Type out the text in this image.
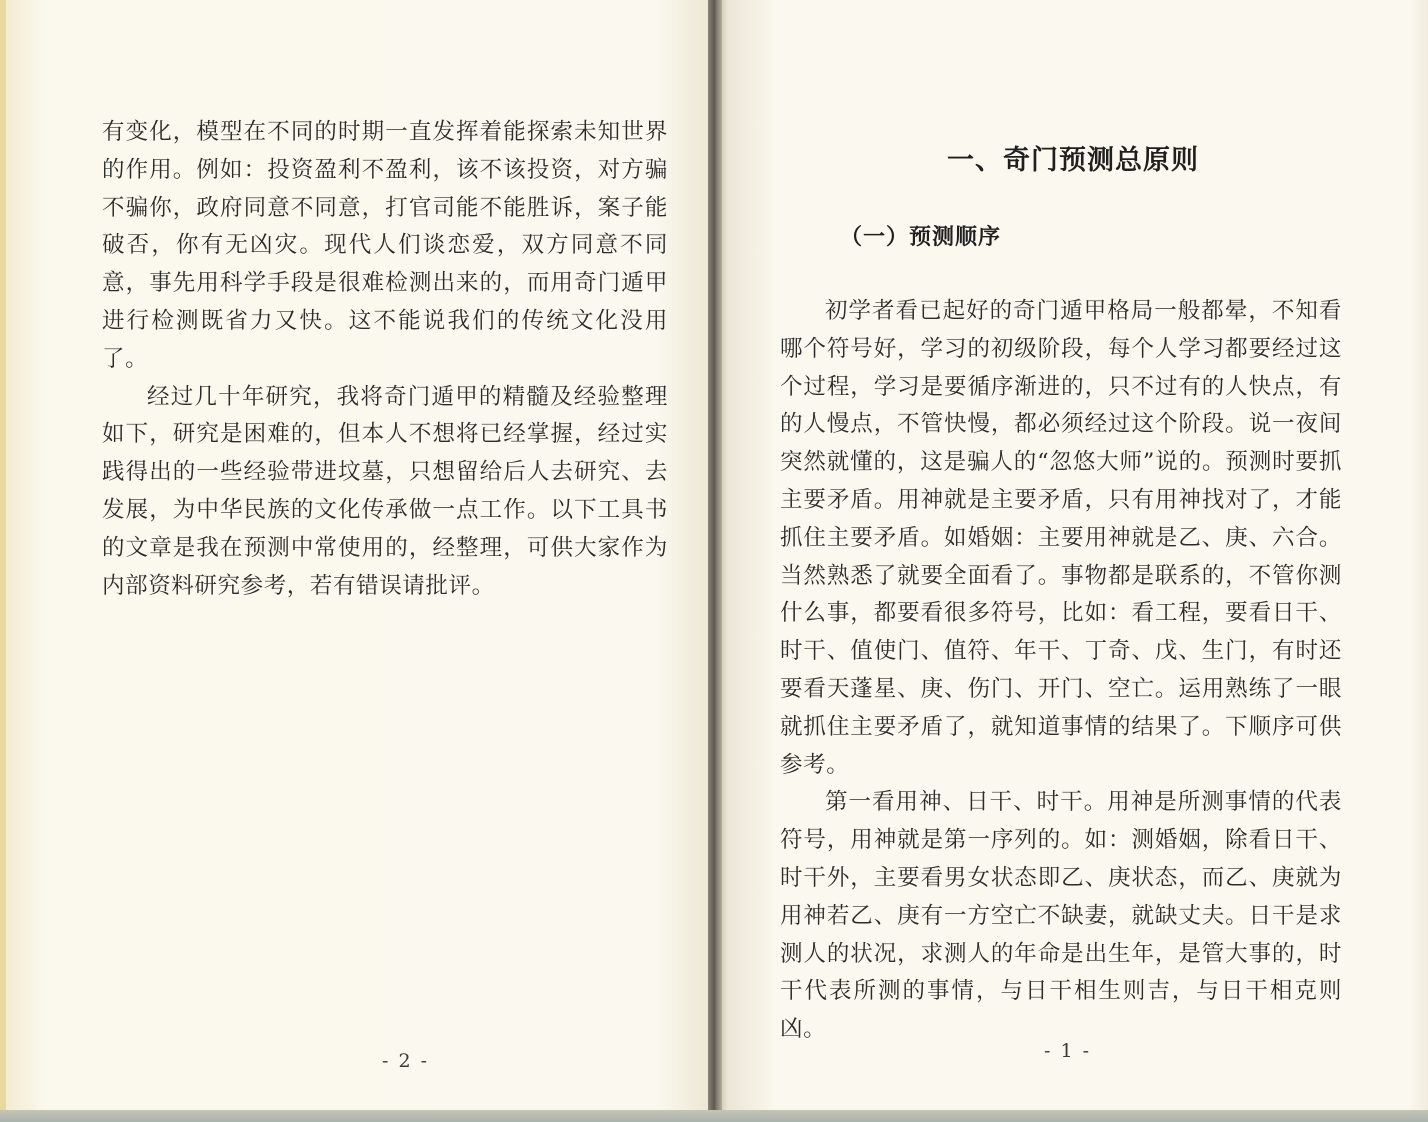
有变化，模型在不同的时期一直发挥着能探索未知世界的作用。例如：投资盈利不盈利，该不该投资，对方骗不骗你，政府同意不同意，打官司能不能胜诉，案子能破否，你有无凶灾。现代人们谈恋爱，双方同意不同意，事先用科学手段是很难检测出来的，而用奇门遁甲进行检测既省力又快。这不能说我们的传统文化没用了。

经过几十年研究，我将奇门遁甲的精髓及经验整理如下，研究是困难的，但本人不想将已经掌握，经过实践得出的一些经验带进坟墓，只想留给后人去研究、去发展，为中华民族的文化传承做一点工作。以下工具书的文章是我在预测中常使用的，经整理，可供大家作为内部资料研究参考，若有错误请批评。

- 2 -
一、奇门预测总原则
（一）预测顺序

初学者看已起好的奇门遁甲格局一般都晕，不知看哪个符号好，学习的初级阶段，每个人学习都要经过这个过程，学习是要循序渐进的，只不过有的人快点，有的人慢点，不管快慢，都必须经过这个阶段。说一夜间突然就懂的，这是骗人的“忽悠大师”说的。预测时要抓主要矛盾。用神就是主要矛盾，只有用神找对了，才能抓住主要矛盾。如婚姻：主要用神就是乙、庚、六合。当然熟悉了就要全面看了。事物都是联系的，不管你测什么事，都要看很多符号，比如：看工程，要看日干、时干、值使门、值符、年干、丁奇、戊、生门，有时还要看天蓬星、庚、伤门、开门、空亡。运用熟练了一眼就抓住主要矛盾了，就知道事情的结果了。下顺序可供参考。

第一看用神、日干、时干。用神是所测事情的代表符号，用神就是第一序列的。如：测婚姻，除看日干、时干外，主要看男女状态即乙、庚状态，而乙、庚就为用神若乙、庚有一方空亡不缺妻，就缺丈夫。日干是求测人的状况，求测人的年命是出生年，是管大事的，时干代表所测的事情，与日干相生则吉，与日干相克则凶。

- 1 -
